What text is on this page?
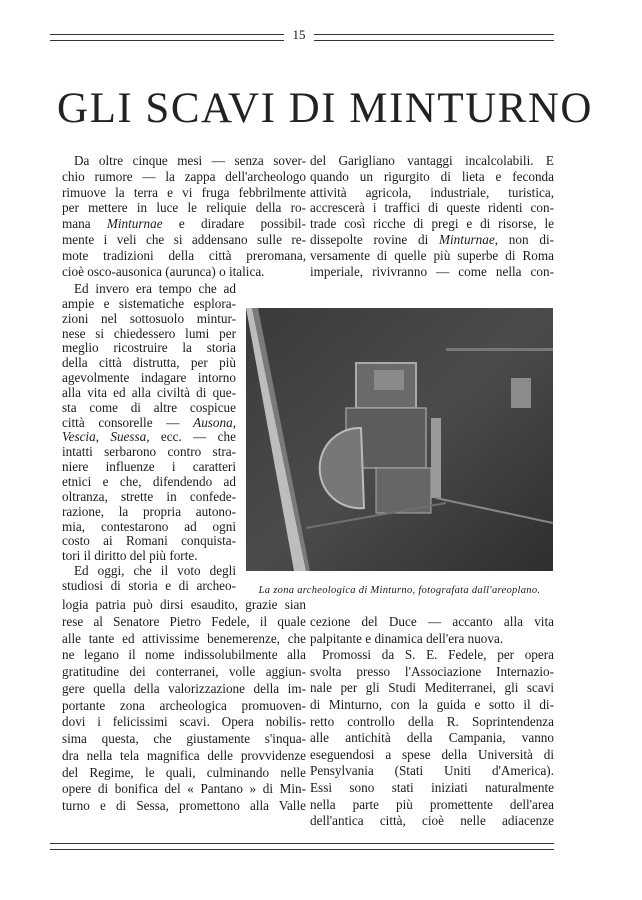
15
GLI SCAVI DI MINTURNO
Da oltre cinque mesi — senza sover-
chio rumore — la zappa dell'archeologo
rimuove la terra e vi fruga febbrilmente
per mettere in luce le reliquie della ro-
mana Minturnae e diradare possibil-
mente i veli che si addensano sulle re-
mote tradizioni della città preromana,
cioè osco-ausonica (aurunca) o italica.
Ed invero era tempo che ad
ampie e sistematiche esplora-
zioni nel sottosuolo mintur-
nese si chiedessero lumi per
meglio ricostruire la storia
della città distrutta, per più
agevolmente indagare intorno
alla vita ed alla civiltà di que-
sta come di altre cospicue
città consorelle — Ausona,
Vescia, Suessa, ecc. — che
intatti serbarono contro stra-
niere influenze i caratteri
etnici e che, difendendo ad
oltranza, strette in confede-
razione, la propria autono-
mia, contestarono ad ogni
costo ai Romani conquista-
tori il diritto del più forte.
Ed oggi, che il voto degli
studiosi di storia e di archeo-
logia patria può dirsi esaudito, grazie sian
rese al Senatore Pietro Fedele, il quale
alle tante ed attivissime benemerenze, che
ne legano il nome indissolubilmente alla
gratitudine dei conterranei, volle aggiun-
gere quella della valorizzazione della im-
portante zona archeologica promuoven-
dovi i felicissimi scavi. Opera nobilis-
sima questa, che giustamente s'inqua-
dra nella tela magnifica delle provvidenze
del Regime, le quali, culminando nelle
opere di bonifica del « Pantano » di Min-
turno e di Sessa, promettono alla Valle
del Garigliano vantaggi incalcolabili. E
quando un rigurgito di lieta e feconda
attività agricola, industriale, turistica,
accrescerà i traffici di queste ridenti con-
trade così ricche di pregi e di risorse, le
dissepolte rovine di Minturnae, non di-
versamente di quelle più superbe di Roma
imperiale, rivivranno — come nella con-
cezione del Duce — accanto alla vita
palpitante e dinamica dell'era nuova.
Promossi da S. E. Fedele, per opera
svolta presso l'Associazione Internazio-
nale per gli Studi Mediterranei, gli scavi
di Minturno, con la guida e sotto il di-
retto controllo della R. Soprintendenza
alle antichità della Campania, vanno
eseguendosi a spese della Università di
Pensylvania (Stati Uniti d'America).
Essi sono stati iniziati naturalmente
nella parte più promettente dell'area
dell'antica città, cioè nelle adiacenze
La zona archeologica di Minturno, fotografata dall'areoplano.
